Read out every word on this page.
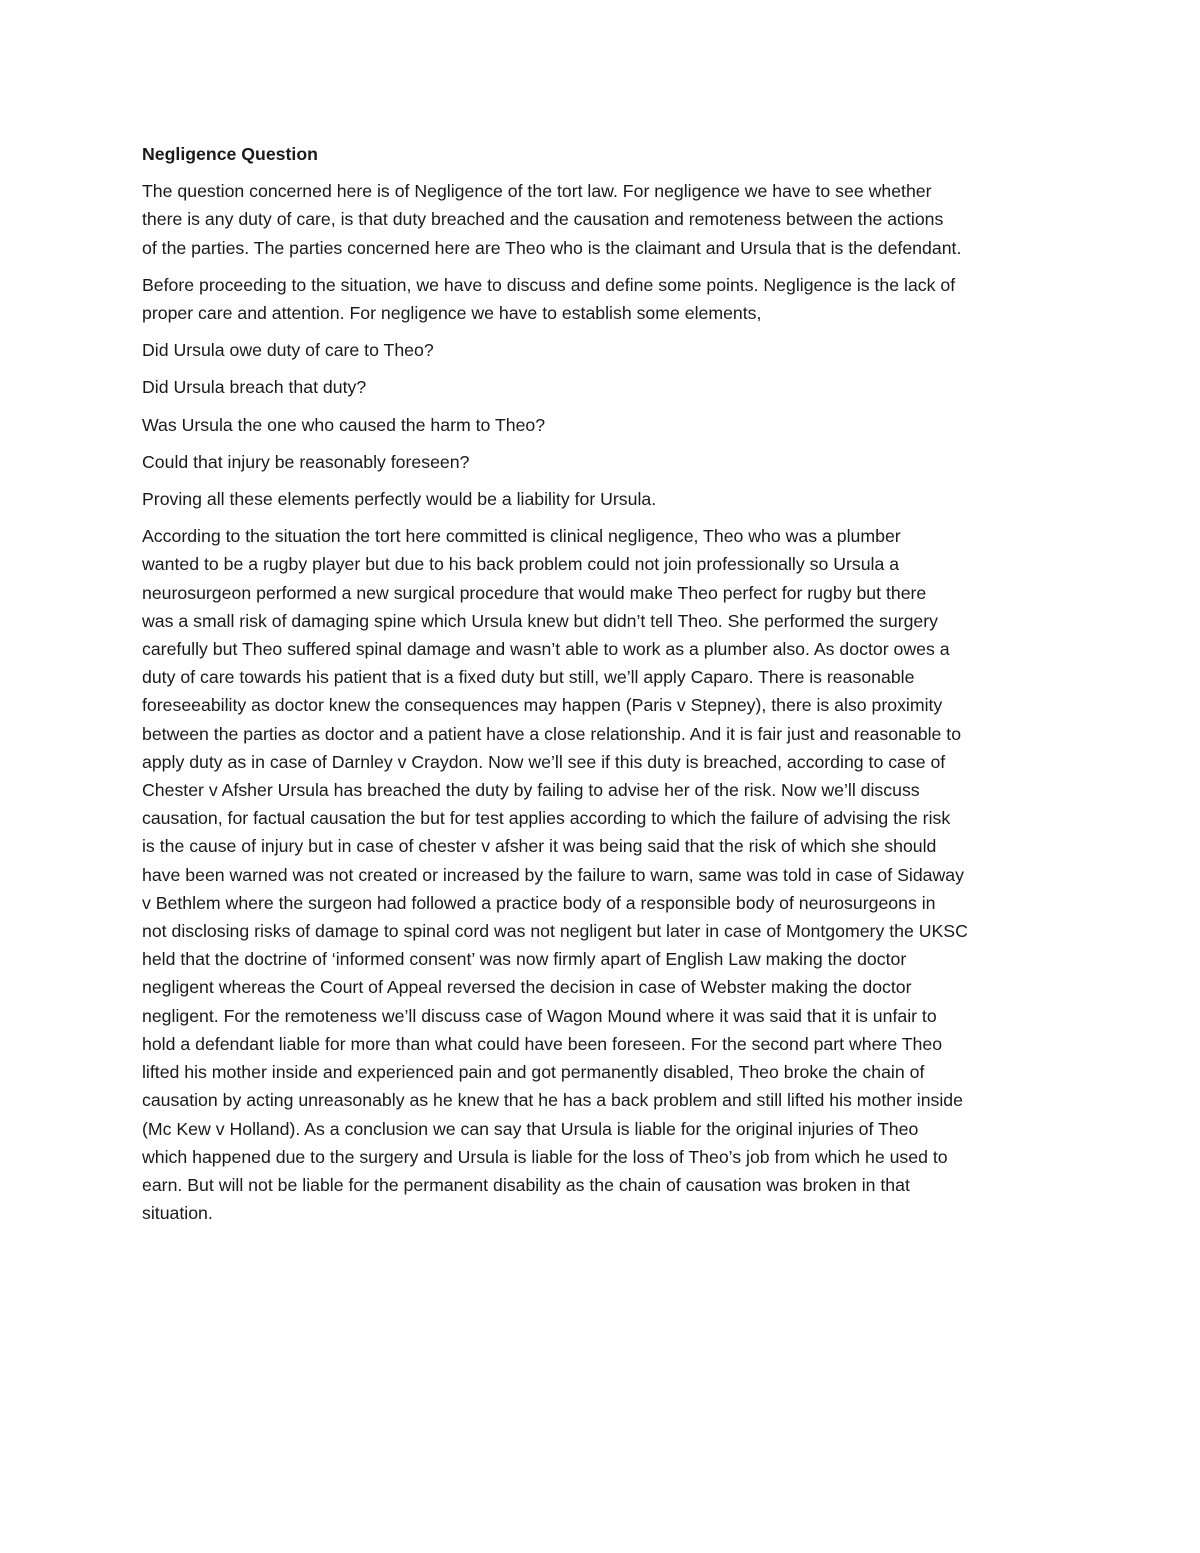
Negligence Question
The question concerned here is of Negligence of the tort law. For negligence we have to see whether
there is any duty of care, is that duty breached and the causation and remoteness between the actions
of the parties. The parties concerned here are Theo who is the claimant and Ursula that is the defendant.
Before proceeding to the situation, we have to discuss and define some points. Negligence is the lack of
proper care and attention. For negligence we have to establish some elements,
Did Ursula owe duty of care to Theo?
Did Ursula breach that duty?
Was Ursula the one who caused the harm to Theo?
Could that injury be reasonably foreseen?
Proving all these elements perfectly would be a liability for Ursula.
According to the situation the tort here committed is clinical negligence, Theo who was a plumber
wanted to be a rugby player but due to his back problem could not join professionally so Ursula a
neurosurgeon performed a new surgical procedure that would make Theo perfect for rugby but there
was a small risk of damaging spine which Ursula knew but didn’t tell Theo. She performed the surgery
carefully but Theo suffered spinal damage and wasn’t able to work as a plumber also. As doctor owes a
duty of care towards his patient that is a fixed duty but still, we’ll apply Caparo. There is reasonable
foreseeability as doctor knew the consequences may happen (Paris v Stepney), there is also proximity
between the parties as doctor and a patient have a close relationship. And it is fair just and reasonable to
apply duty as in case of Darnley v Craydon. Now we’ll see if this duty is breached, according to case of
Chester v Afsher Ursula has breached the duty by failing to advise her of the risk. Now we’ll discuss
causation, for factual causation the but for test applies according to which the failure of advising the risk
is the cause of injury but in case of chester v afsher it was being said that the risk of which she should
have been warned was not created or increased by the failure to warn, same was told in case of Sidaway
v Bethlem where the surgeon had followed a practice body of a responsible body of neurosurgeons in
not disclosing risks of damage to spinal cord was not negligent but later in case of Montgomery the UKSC
held that the doctrine of ‘informed consent’ was now firmly apart of English Law making the doctor
negligent whereas the Court of Appeal reversed the decision in case of Webster making the doctor
negligent. For the remoteness we’ll discuss case of Wagon Mound where it was said that it is unfair to
hold a defendant liable for more than what could have been foreseen. For the second part where Theo
lifted his mother inside and experienced pain and got permanently disabled, Theo broke the chain of
causation by acting unreasonably as he knew that he has a back problem and still lifted his mother inside
(Mc Kew v Holland). As a conclusion we can say that Ursula is liable for the original injuries of Theo
which happened due to the surgery and Ursula is liable for the loss of Theo’s job from which he used to
earn. But will not be liable for the permanent disability as the chain of causation was broken in that
situation.
